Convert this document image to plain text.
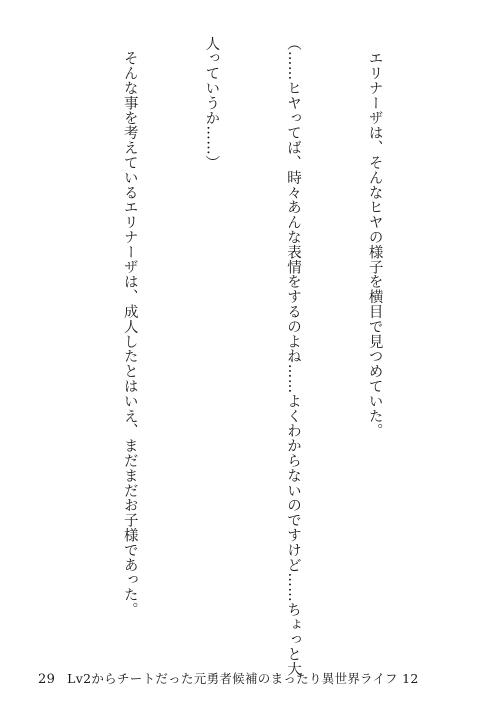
　エリナーザは、そんなヒヤの様子を横目で見つめていた。

（……ヒヤってば、時々あんな表情をするのよね……よくわからないのですけど……ちょっと大

人っていうか……）

　そんな事を考えているエリナーザは、成人したとはいえ、まだまだお子様であった。

29 Lv2からチートだった元勇者候補のまったり異世界ライフ 12
